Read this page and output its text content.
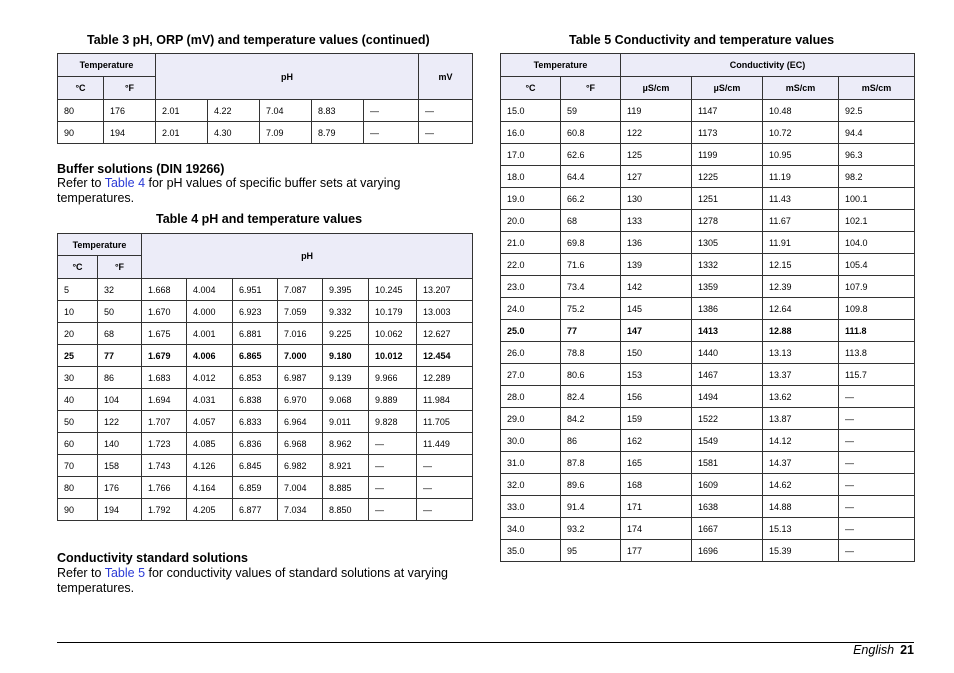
Table 3 pH, ORP (mV) and temperature values (continued)
Temperature		pH					mV
°C	°F						
80	176	2.01	4.22	7.04	8.83	—	—
90	194	2.01	4.30	7.09	8.79	—	—
Buffer solutions (DIN 19266)
Refer to Table 4 for pH values of specific buffer sets at varying temperatures.
Table 4 pH and temperature values
Temperature		pH						
°C	°F							
5	32	1.668	4.004	6.951	7.087	9.395	10.245	13.207
10	50	1.670	4.000	6.923	7.059	9.332	10.179	13.003
20	68	1.675	4.001	6.881	7.016	9.225	10.062	12.627
25	77	1.679	4.006	6.865	7.000	9.180	10.012	12.454
30	86	1.683	4.012	6.853	6.987	9.139	9.966	12.289
40	104	1.694	4.031	6.838	6.970	9.068	9.889	11.984
50	122	1.707	4.057	6.833	6.964	9.011	9.828	11.705
60	140	1.723	4.085	6.836	6.968	8.962	—	11.449
70	158	1.743	4.126	6.845	6.982	8.921	—	—
80	176	1.766	4.164	6.859	7.004	8.885	—	—
90	194	1.792	4.205	6.877	7.034	8.850	—	—
Conductivity standard solutions
Refer to Table 5 for conductivity values of standard solutions at varying temperatures.
Table 5 Conductivity and temperature values
Temperature		Conductivity (EC)			
°C	°F	µS/cm	µS/cm	mS/cm	mS/cm
15.0	59	119	1147	10.48	92.5
16.0	60.8	122	1173	10.72	94.4
17.0	62.6	125	1199	10.95	96.3
18.0	64.4	127	1225	11.19	98.2
19.0	66.2	130	1251	11.43	100.1
20.0	68	133	1278	11.67	102.1
21.0	69.8	136	1305	11.91	104.0
22.0	71.6	139	1332	12.15	105.4
23.0	73.4	142	1359	12.39	107.9
24.0	75.2	145	1386	12.64	109.8
25.0	77	147	1413	12.88	111.8
26.0	78.8	150	1440	13.13	113.8
27.0	80.6	153	1467	13.37	115.7
28.0	82.4	156	1494	13.62	—
29.0	84.2	159	1522	13.87	—
30.0	86	162	1549	14.12	—
31.0	87.8	165	1581	14.37	—
32.0	89.6	168	1609	14.62	—
33.0	91.4	171	1638	14.88	—
34.0	93.2	174	1667	15.13	—
35.0	95	177	1696	15.39	—
English 21
